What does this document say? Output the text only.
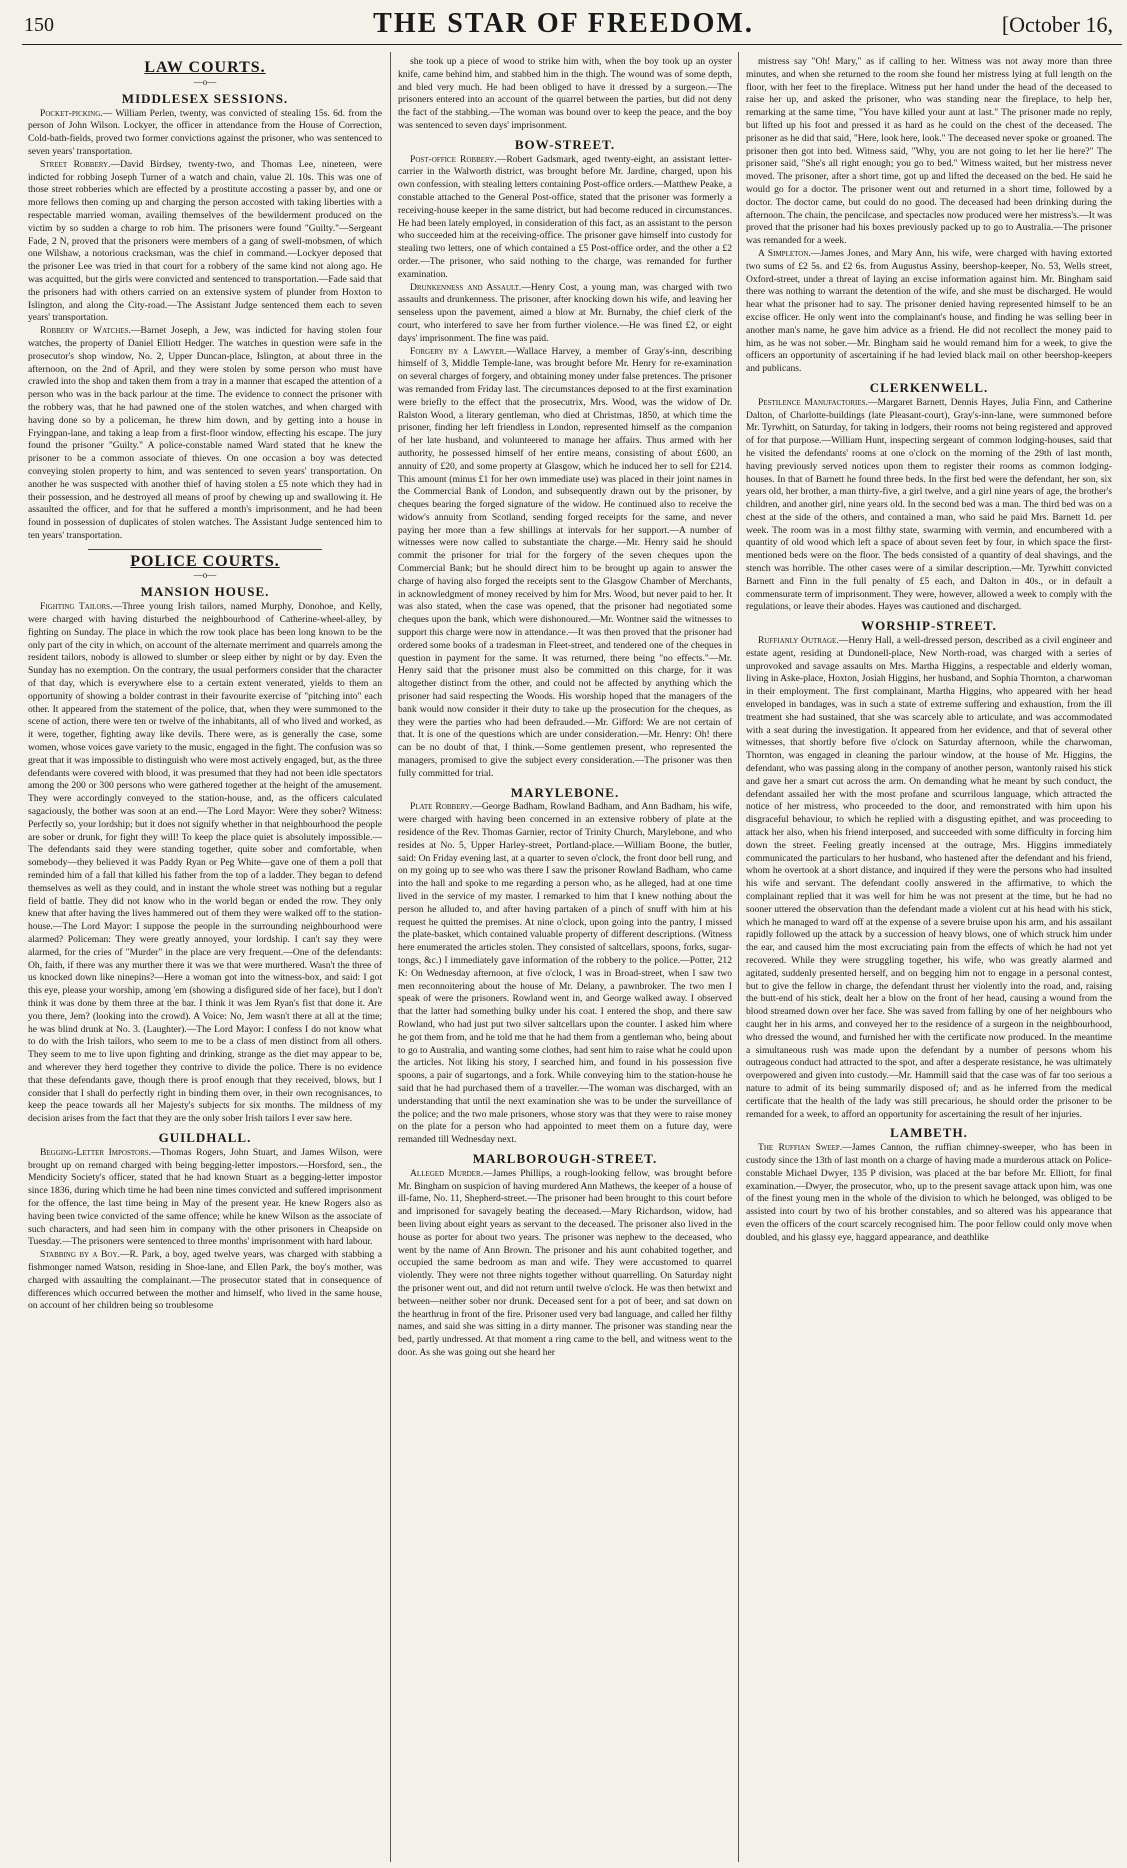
150	THE STAR OF FREEDOM.	[October 16,
LAW COURTS.
—o—
MIDDLESEX SESSIONS.

Pocket-picking.— William Perlen, twenty, was convicted of stealing 15s. 6d. from the person of John Wilson. Lockyer, the officer in attendance from the House of Correction, Cold-bath-fields, proved two former convictions against the prisoner, who was sentenced to seven years' transportation.

Street Robbery.—David Birdsey, twenty-two, and Thomas Lee, nineteen, were indicted for robbing Joseph Turner of a watch and chain, value 2l. 10s. This was one of those street robberies which are effected by a prostitute accosting a passer by, and one or more fellows then coming up and charging the person accosted with taking liberties with a respectable married woman, availing themselves of the bewilderment produced on the victim by so sudden a charge to rob him. The prisoners were found "Guilty."—Sergeant Fade, 2 N, proved that the prisoners were members of a gang of swell-mobsmen, of which one Wilshaw, a notorious cracksman, was the chief in command.—Lockyer deposed that the prisoner Lee was tried in that court for a robbery of the same kind not along ago. He was acquitted, but the girls were convicted and sentenced to transportation.—Fade said that the prisoners had with others carried on an extensive system of plunder from Hoxton to Islington, and along the City-road.—The Assistant Judge sentenced them each to seven years' transportation.

Robbery of Watches.—Barnet Joseph, a Jew, was indicted for having stolen four watches, the property of Daniel Elliott Hedger. The watches in question were safe in the prosecutor's shop window, No. 2, Upper Duncan-place, Islington, at about three in the afternoon, on the 2nd of April, and they were stolen by some person who must have crawled into the shop and taken them from a tray in a manner that escaped the attention of a person who was in the back parlour at the time. The evidence to connect the prisoner with the robbery was, that he had pawned one of the stolen watches, and when charged with having done so by a policeman, he threw him down, and by getting into a house in Fryingpan-lane, and taking a leap from a first-floor window, effecting his escape. The jury found the prisoner "Guilty." A police-constable named Ward stated that he knew the prisoner to be a common associate of thieves. On one occasion a boy was detected conveying stolen property to him, and was sentenced to seven years' transportation. On another he was suspected with another thief of having stolen a £5 note which they had in their possession, and he destroyed all means of proof by chewing up and swallowing it. He assaulted the officer, and for that he suffered a month's imprisonment, and he had been found in possession of duplicates of stolen watches. The Assistant Judge sentenced him to ten years' transportation.

POLICE COURTS.
—o—
MANSION HOUSE.

Fighting Tailors.—Three young Irish tailors, named Murphy, Donohoe, and Kelly, were charged with having disturbed the neighbourhood of Catherine-wheel-alley, by fighting on Sunday. The place in which the row took place has been long known to be the only part of the city in which, on account of the alternate merriment and quarrels among the resident tailors, nobody is allowed to slumber or sleep either by night or by day. Even the Sunday has no exemption. On the contrary, the usual performers consider that the character of that day, which is everywhere else to a certain extent venerated, yields to them an opportunity of showing a bolder contrast in their favourite exercise of "pitching into" each other. It appeared from the statement of the police, that, when they were summoned to the scene of action, there were ten or twelve of the inhabitants, all of who lived and worked, as it were, together, fighting away like devils. There were, as is generally the case, some women, whose voices gave variety to the music, engaged in the fight. The confusion was so great that it was impossible to distinguish who were most actively engaged, but, as the three defendants were covered with blood, it was presumed that they had not been idle spectators among the 200 or 300 persons who were gathered together at the height of the amusement. They were accordingly conveyed to the station-house, and, as the officers calculated sagaciously, the bother was soon at an end.—The Lord Mayor: Were they sober? Witness: Perfectly so, your lordship; but it does not signify whether in that neighbourhood the people are sober or drunk, for fight they will! To keep the place quiet is absolutely impossible.—The defendants said they were standing together, quite sober and comfortable, when somebody—they believed it was Paddy Ryan or Peg White—gave one of them a poll that reminded him of a fall that killed his father from the top of a ladder. They began to defend themselves as well as they could, and in instant the whole street was nothing but a regular field of battle. They did not know who in the world began or ended the row. They only knew that after having the lives hammered out of them they were walked off to the station-house.—The Lord Mayor: I suppose the people in the surrounding neighbourhood were alarmed? Policeman: They were greatly annoyed, your lordship. I can't say they were alarmed, for the cries of "Murder" in the place are very frequent.—One of the defendants: Oh, faith, if there was any murther there it was we that were murthered. Wasn't the three of us knocked down like ninepins?—Here a woman got into the witness-box, and said: I got this eye, please your worship, among 'em (showing a disfigured side of her face), but I don't think it was done by them three at the bar. I think it was Jem Ryan's fist that done it. Are you there, Jem? (looking into the crowd). A Voice: No, Jem wasn't there at all at the time; he was blind drunk at No. 3. (Laughter).—The Lord Mayor: I confess I do not know what to do with the Irish tailors, who seem to me to be a class of men distinct from all others. They seem to me to live upon fighting and drinking, strange as the diet may appear to be, and wherever they herd together they contrive to divide the police. There is no evidence that these defendants gave, though there is proof enough that they received, blows, but I consider that I shall do perfectly right in binding them over, in their own recognisances, to keep the peace towards all her Majesty's subjects for six months. The mildness of my decision arises from the fact that they are the only sober Irish tailors I ever saw here.

GUILDHALL.

Begging-Letter Impostors.—Thomas Rogers, John Stuart, and James Wilson, were brought up on remand charged with being begging-letter impostors.—Horsford, sen., the Mendicity Society's officer, stated that he had known Stuart as a begging-letter impostor since 1836, during which time he had been nine times convicted and suffered imprisonment for the offence, the last time being in May of the present year. He knew Rogers also as having been twice convicted of the same offence; while he knew Wilson as the associate of such characters, and had seen him in company with the other prisoners in Cheapside on Tuesday.—The prisoners were sentenced to three months' imprisonment with hard labour.

Stabbing by a Boy.—R. Park, a boy, aged twelve years, was charged with stabbing a fishmonger named Watson, residing in Shoe-lane, and Ellen Park, the boy's mother, was charged with assaulting the complainant.—The prosecutor stated that in consequence of differences which occurred between the mother and himself, who lived in the same house, on account of her children being so troublesome

she took up a piece of wood to strike him with, when the boy took up an oyster knife, came behind him, and stabbed him in the thigh. The wound was of some depth, and bled very much. He had been obliged to have it dressed by a surgeon.—The prisoners entered into an account of the quarrel between the parties, but did not deny the fact of the stabbing.—The woman was bound over to keep the peace, and the boy was sentenced to seven days' imprisonment.

BOW-STREET.

Post-office Robbery.—Robert Gadsmark, aged twenty-eight, an assistant letter-carrier in the Walworth district, was brought before Mr. Jardine, charged, upon his own confession, with stealing letters containing Post-office orders.—Matthew Peake, a constable attached to the General Post-office, stated that the prisoner was formerly a receiving-house keeper in the same district, but had become reduced in circumstances. He had been lately employed, in consideration of this fact, as an assistant to the person who succeeded him at the receiving-office. The prisoner gave himself into custody for stealing two letters, one of which contained a £5 Post-office order, and the other a £2 order.—The prisoner, who said nothing to the charge, was remanded for further examination.

Drunkenness and Assault.—Henry Cost, a young man, was charged with two assaults and drunkenness. The prisoner, after knocking down his wife, and leaving her senseless upon the pavement, aimed a blow at Mr. Burnaby, the chief clerk of the court, who interfered to save her from further violence.—He was fined £2, or eight days' imprisonment. The fine was paid.

Forgery by a Lawyer.—Wallace Harvey, a member of Gray's-inn, describing himself of 3, Middle Temple-lane, was brought before Mr. Henry for re-examination on several charges of forgery, and obtaining money under false pretences. The prisoner was remanded from Friday last. The circumstances deposed to at the first examination were briefly to the effect that the prosecutrix, Mrs. Wood, was the widow of Dr. Ralston Wood, a literary gentleman, who died at Christmas, 1850, at which time the prisoner, finding her left friendless in London, represented himself as the companion of her late husband, and volunteered to manage her affairs. Thus armed with her authority, he possessed himself of her entire means, consisting of about £600, an annuity of £20, and some property at Glasgow, which he induced her to sell for £214. This amount (minus £1 for her own immediate use) was placed in their joint names in the Commercial Bank of London, and subsequently drawn out by the prisoner, by cheques bearing the forged signature of the widow. He continued also to receive the widow's annuity from Scotland, sending forged receipts for the same, and never paying her more than a few shillings at intervals for her support.—A number of witnesses were now called to substantiate the charge.—Mr. Henry said he should commit the prisoner for trial for the forgery of the seven cheques upon the Commercial Bank; but he should direct him to be brought up again to answer the charge of having also forged the receipts sent to the Glasgow Chamber of Merchants, in acknowledgment of money received by him for Mrs. Wood, but never paid to her. It was also stated, when the case was opened, that the prisoner had negotiated some cheques upon the bank, which were dishonoured.—Mr. Wontner said the witnesses to support this charge were now in attendance.—It was then proved that the prisoner had ordered some books of a tradesman in Fleet-street, and tendered one of the cheques in question in payment for the same. It was returned, there being "no effects."—Mr. Henry said that the prisoner must also be committed on this charge, for it was altogether distinct from the other, and could not be affected by anything which the prisoner had said respecting the Woods. His worship hoped that the managers of the bank would now consider it their duty to take up the prosecution for the cheques, as they were the parties who had been defrauded.—Mr. Gifford: We are not certain of that. It is one of the questions which are under consideration.—Mr. Henry: Oh! there can be no doubt of that, I think.—Some gentlemen present, who represented the managers, promised to give the subject every consideration.—The prisoner was then fully committed for trial.

MARYLEBONE.

Plate Robbery.—George Badham, Rowland Badham, and Ann Badham, his wife, were charged with having been concerned in an extensive robbery of plate at the residence of the Rev. Thomas Garnier, rector of Trinity Church, Marylebone, and who resides at No. 5, Upper Harley-street, Portland-place.—William Boone, the butler, said: On Friday evening last, at a quarter to seven o'clock, the front door bell rung, and on my going up to see who was there I saw the prisoner Rowland Badham, who came into the hall and spoke to me regarding a person who, as he alleged, had at one time lived in the service of my master. I remarked to him that I knew nothing about the person he alluded to, and after having partaken of a pinch of snuff with him at his request he quitted the premises. At nine o'clock, upon going into the pantry, I missed the plate-basket, which contained valuable property of different descriptions. (Witness here enumerated the articles stolen. They consisted of saltcellars, spoons, forks, sugar-tongs, &c.) I immediately gave information of the robbery to the police.—Potter, 212 K: On Wednesday afternoon, at five o'clock, I was in Broad-street, when I saw two men reconnoitering about the house of Mr. Delany, a pawnbroker. The two men I speak of were the prisoners. Rowland went in, and George walked away. I observed that the latter had something bulky under his coat. I entered the shop, and there saw Rowland, who had just put two silver saltcellars upon the counter. I asked him where he got them from, and he told me that he had them from a gentleman who, being about to go to Australia, and wanting some clothes, had sent him to raise what he could upon the articles. Not liking his story, I searched him, and found in his possession five spoons, a pair of sugartongs, and a fork. While conveying him to the station-house he said that he had purchased them of a traveller.—The woman was discharged, with an understanding that until the next examination she was to be under the surveillance of the police; and the two male prisoners, whose story was that they were to raise money on the plate for a person who had appointed to meet them on a future day, were remanded till Wednesday next.

MARLBOROUGH-STREET.

Alleged Murder.—James Phillips, a rough-looking fellow, was brought before Mr. Bingham on suspicion of having murdered Ann Mathews, the keeper of a house of ill-fame, No. 11, Shepherd-street.—The prisoner had been brought to this court before and imprisoned for savagely beating the deceased.—Mary Richardson, widow, had been living about eight years as servant to the deceased. The prisoner also lived in the house as porter for about two years. The prisoner was nephew to the deceased, who went by the name of Ann Brown. The prisoner and his aunt cohabited together, and occupied the same bedroom as man and wife. They were accustomed to quarrel violently. They were not three nights together without quarrelling. On Saturday night the prisoner went out, and did not return until twelve o'clock. He was then betwixt and between—neither sober nor drunk. Deceased sent for a pot of beer, and sat down on the hearthrug in front of the fire. Prisoner used very bad language, and called her filthy names, and said she was sitting in a dirty manner. The prisoner was standing near the bed, partly undressed. At that moment a ring came to the bell, and witness went to the door. As she was going out she heard her

mistress say "Oh! Mary," as if calling to her. Witness was not away more than three minutes, and when she returned to the room she found her mistress lying at full length on the floor, with her feet to the fireplace. Witness put her hand under the head of the deceased to raise her up, and asked the prisoner, who was standing near the fireplace, to help her, remarking at the same time, "You have killed your aunt at last." The prisoner made no reply, but lifted up his foot and pressed it as hard as he could on the chest of the deceased. The prisoner as he did that said, "Here, look here, look." The deceased never spoke or groaned. The prisoner then got into bed. Witness said, "Why, you are not going to let her lie here?" The prisoner said, "She's all right enough; you go to bed." Witness waited, but her mistress never moved. The prisoner, after a short time, got up and lifted the deceased on the bed. He said he would go for a doctor. The prisoner went out and returned in a short time, followed by a doctor. The doctor came, but could do no good. The deceased had been drinking during the afternoon. The chain, the pencilcase, and spectacles now produced were her mistress's.—It was proved that the prisoner had his boxes previously packed up to go to Australia.—The prisoner was remanded for a week.

A Simpleton.—James Jones, and Mary Ann, his wife, were charged with having extorted two sums of £2 5s. and £2 6s. from Augustus Assiny, beershop-keeper, No. 53, Wells street, Oxford-street, under a threat of laying an excise information against him. Mr. Bingham said there was nothing to warrant the detention of the wife, and she must be discharged. He would hear what the prisoner had to say. The prisoner denied having represented himself to be an excise officer. He only went into the complainant's house, and finding he was selling beer in another man's name, he gave him advice as a friend. He did not recollect the money paid to him, as he was not sober.—Mr. Bingham said he would remand him for a week, to give the officers an opportunity of ascertaining if he had levied black mail on other beershop-keepers and publicans.

CLERKENWELL.

Pestilence Manufactories.—Margaret Barnett, Dennis Hayes, Julia Finn, and Catherine Dalton, of Charlotte-buildings (late Pleasant-court), Gray's-inn-lane, were summoned before Mr. Tyrwhitt, on Saturday, for taking in lodgers, their rooms not being registered and approved of for that purpose.—William Hunt, inspecting sergeant of common lodging-houses, said that he visited the defendants' rooms at one o'clock on the morning of the 29th of last month, having previously served notices upon them to register their rooms as common lodging-houses. In that of Barnett he found three beds. In the first bed were the defendant, her son, six years old, her brother, a man thirty-five, a girl twelve, and a girl nine years of age, the brother's children, and another girl, nine years old. In the second bed was a man. The third bed was on a chest at the side of the others, and contained a man, who said he paid Mrs. Barnett 1d. per week. The room was in a most filthy state, swarming with vermin, and encumbered with a quantity of old wood which left a space of about seven feet by four, in which space the first-mentioned beds were on the floor. The beds consisted of a quantity of deal shavings, and the stench was horrible. The other cases were of a similar description.—Mr. Tyrwhitt convicted Barnett and Finn in the full penalty of £5 each, and Dalton in 40s., or in default a commensurate term of imprisonment. They were, however, allowed a week to comply with the regulations, or leave their abodes. Hayes was cautioned and discharged.

WORSHIP-STREET.

Ruffianly Outrage.—Henry Hall, a well-dressed person, described as a civil engineer and estate agent, residing at Dundonell-place, New North-road, was charged with a series of unprovoked and savage assaults on Mrs. Martha Higgins, a respectable and elderly woman, living in Aske-place, Hoxton, Josiah Higgins, her husband, and Sophia Thornton, a charwoman in their employment. The first complainant, Martha Higgins, who appeared with her head enveloped in bandages, was in such a state of extreme suffering and exhaustion, from the ill treatment she had sustained, that she was scarcely able to articulate, and was accommodated with a seat during the investigation. It appeared from her evidence, and that of several other witnesses, that shortly before five o'clock on Saturday afternoon, while the charwoman, Thornton, was engaged in cleaning the parlour window, at the house of Mr. Higgins, the defendant, who was passing along in the company of another person, wantonly raised his stick and gave her a smart cut across the arm. On demanding what he meant by such conduct, the defendant assailed her with the most profane and scurrilous language, which attracted the notice of her mistress, who proceeded to the door, and remonstrated with him upon his disgraceful behaviour, to which he replied with a disgusting epithet, and was proceeding to attack her also, when his friend interposed, and succeeded with some difficulty in forcing him down the street. Feeling greatly incensed at the outrage, Mrs. Higgins immediately communicated the particulars to her husband, who hastened after the defendant and his friend, whom he overtook at a short distance, and inquired if they were the persons who had insulted his wife and servant. The defendant coolly answered in the affirmative, to which the complainant replied that it was well for him he was not present at the time, but he had no sooner uttered the observation than the defendant made a violent cut at his head with his stick, which he managed to ward off at the expense of a severe bruise upon his arm, and his assailant rapidly followed up the attack by a succession of heavy blows, one of which struck him under the ear, and caused him the most excruciating pain from the effects of which he had not yet recovered. While they were struggling together, his wife, who was greatly alarmed and agitated, suddenly presented herself, and on begging him not to engage in a personal contest, but to give the fellow in charge, the defendant thrust her violently into the road, and, raising the butt-end of his stick, dealt her a blow on the front of her head, causing a wound from the blood streamed down over her face. She was saved from falling by one of her neighbours who caught her in his arms, and conveyed her to the residence of a surgeon in the neighbourhood, who dressed the wound, and furnished her with the certificate now produced. In the meantime a simultaneous rush was made upon the defendant by a number of persons whom his outrageous conduct had attracted to the spot, and after a desperate resistance, he was ultimately overpowered and given into custody.—Mr. Hammill said that the case was of far too serious a nature to admit of its being summarily disposed of; and as he inferred from the medical certificate that the health of the lady was still precarious, he should order the prisoner to be remanded for a week, to afford an opportunity for ascertaining the result of her injuries.

LAMBETH.

The Ruffian Sweep.—James Cannon, the ruffian chimney-sweeper, who has been in custody since the 13th of last month on a charge of having made a murderous attack on Police-constable Michael Dwyer, 135 P division, was placed at the bar before Mr. Elliott, for final examination.—Dwyer, the prosecutor, who, up to the present savage attack upon him, was one of the finest young men in the whole of the division to which he belonged, was obliged to be assisted into court by two of his brother constables, and so altered was his appearance that even the officers of the court scarcely recognised him. The poor fellow could only move when doubled, and his glassy eye, haggard appearance, and deathlike
